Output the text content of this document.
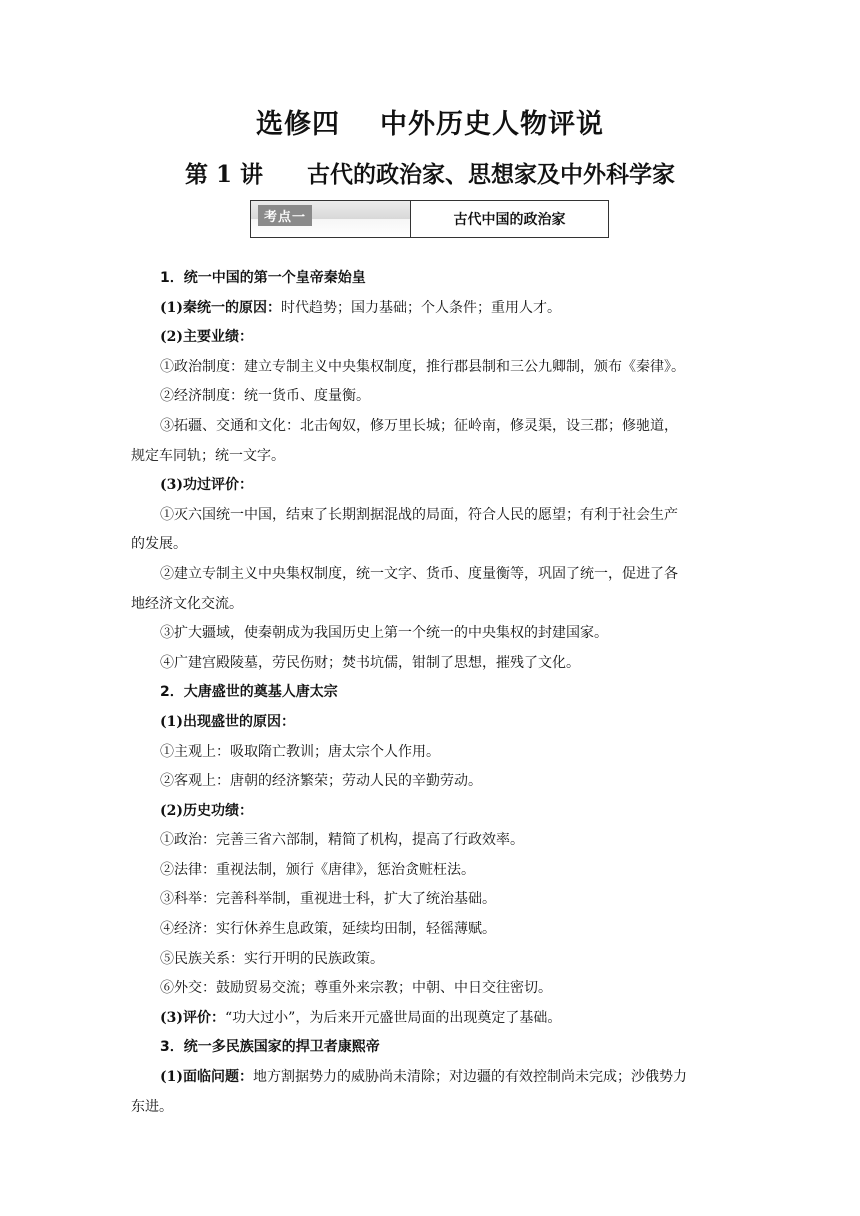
选修四 中外历史人物评说
第 1 讲 古代的政治家、思想家及中外科学家
考点一	古代中国的政治家
1．统一中国的第一个皇帝秦始皇
(1)秦统一的原因：时代趋势；国力基础；个人条件；重用人才。
(2)主要业绩：
①政治制度：建立专制主义中央集权制度，推行郡县制和三公九卿制，颁布《秦律》。
②经济制度：统一货币、度量衡。
③拓疆、交通和文化：北击匈奴，修万里长城；征岭南，修灵渠，设三郡；修驰道，
规定车同轨；统一文字。
(3)功过评价：
①灭六国统一中国，结束了长期割据混战的局面，符合人民的愿望；有利于社会生产
的发展。
②建立专制主义中央集权制度，统一文字、货币、度量衡等，巩固了统一，促进了各
地经济文化交流。
③扩大疆域，使秦朝成为我国历史上第一个统一的中央集权的封建国家。
④广建宫殿陵墓，劳民伤财；焚书坑儒，钳制了思想，摧残了文化。
2．大唐盛世的奠基人唐太宗
(1)出现盛世的原因：
①主观上：吸取隋亡教训；唐太宗个人作用。
②客观上：唐朝的经济繁荣；劳动人民的辛勤劳动。
(2)历史功绩：
①政治：完善三省六部制，精简了机构，提高了行政效率。
②法律：重视法制，颁行《唐律》，惩治贪赃枉法。
③科举：完善科举制，重视进士科，扩大了统治基础。
④经济：实行休养生息政策，延续均田制，轻徭薄赋。
⑤民族关系：实行开明的民族政策。
⑥外交：鼓励贸易交流；尊重外来宗教；中朝、中日交往密切。
(3)评价：“功大过小”，为后来开元盛世局面的出现奠定了基础。
3．统一多民族国家的捍卫者康熙帝
(1)面临问题：地方割据势力的威胁尚未清除；对边疆的有效控制尚未完成；沙俄势力
东进。
